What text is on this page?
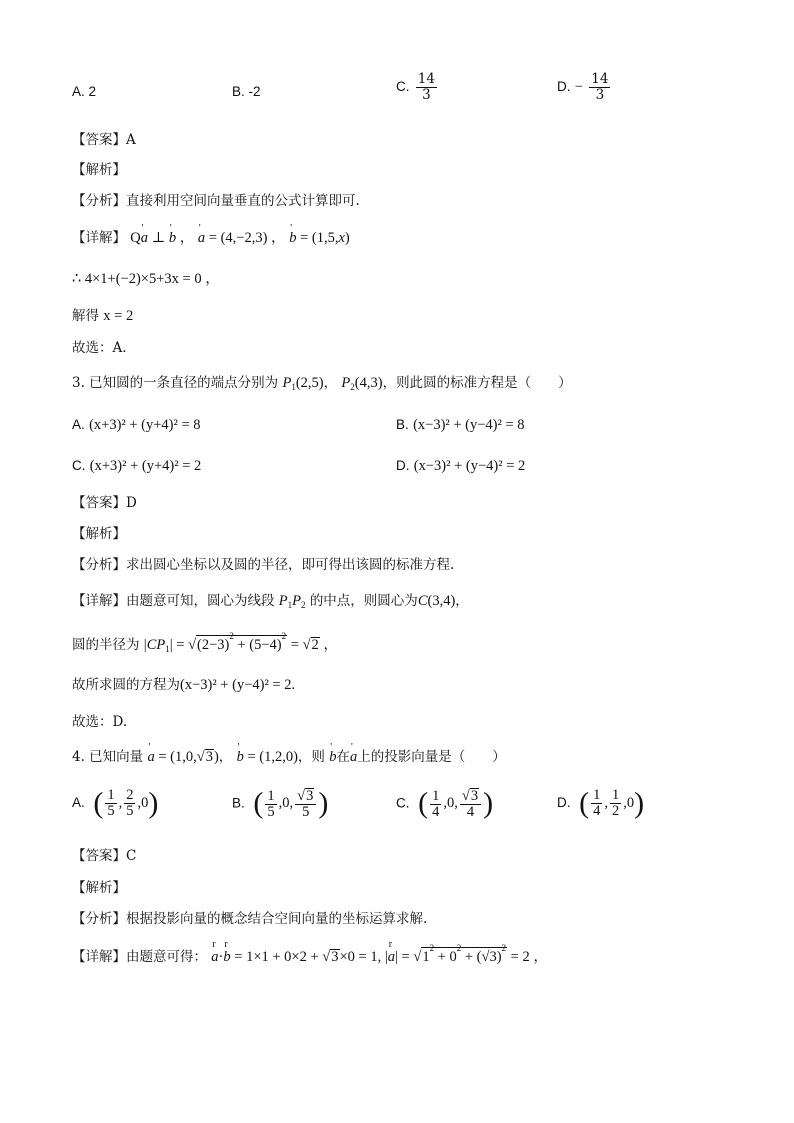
A. 2	B. -2	C. $\frac{14}{3}$	D. − $\frac{14}{3}$
【答案】A
【解析】
【分析】直接利用空间向量垂直的公式计算即可.
【详解】 Q' a ⊥ ' b ， ' a = (4,−2,3) ， ' b = (1,5,x)
∴ 4×1+(−2)×5+3x = 0 ，
解得 x = 2
故选：A.
3. 已知圆的一条直径的端点分别为 $P_1(2,5)$， $P_2(4,3)$，则此圆的标准方程是（　　）
A. (x+3)² + (y+4)² = 8	B. (x−3)² + (y−4)² = 8
C. (x+3)² + (y+4)² = 2	D. (x−3)² + (y−4)² = 2
【答案】D
【解析】
【分析】求出圆心坐标以及圆的半径，即可得出该圆的标准方程.
【详解】由题意可知，圆心为线段 $P_1P_2$ 的中点，则圆心为C(3,4)，
圆的半径为 $|CP_1| = √(2-3)^2 + (5-4)^2 = √2$ ，
故所求圆的方程为(x−3)² + (y−4)² = 2.
故选：D.
4. 已知向量 ' a = (1,0,√3)， ' b = (1,2,0)，则 ' b在' a上的投影向量是（　　）
A. ( $\frac{1}{5}$ , $\frac{2}{5} ,0$)	B. ( $\frac{1}{5} ,0$, $\frac{√3}{5}$ )	C. ( $\frac{1}{4} ,0$, $\frac{√3}{4}$ )	D. ( $\frac{1}{4}$ , $\frac{1}{2} ,0$)
【答案】C
【解析】
【分析】根据投影向量的概念结合空间向量的坐标运算求解.
【详解】由题意可得： r a·r b = 1×1 + 0×2 + √3×0 = 1, |r $a| = √1^2 + 0^2 + (√3)^2 = 2$ ，
